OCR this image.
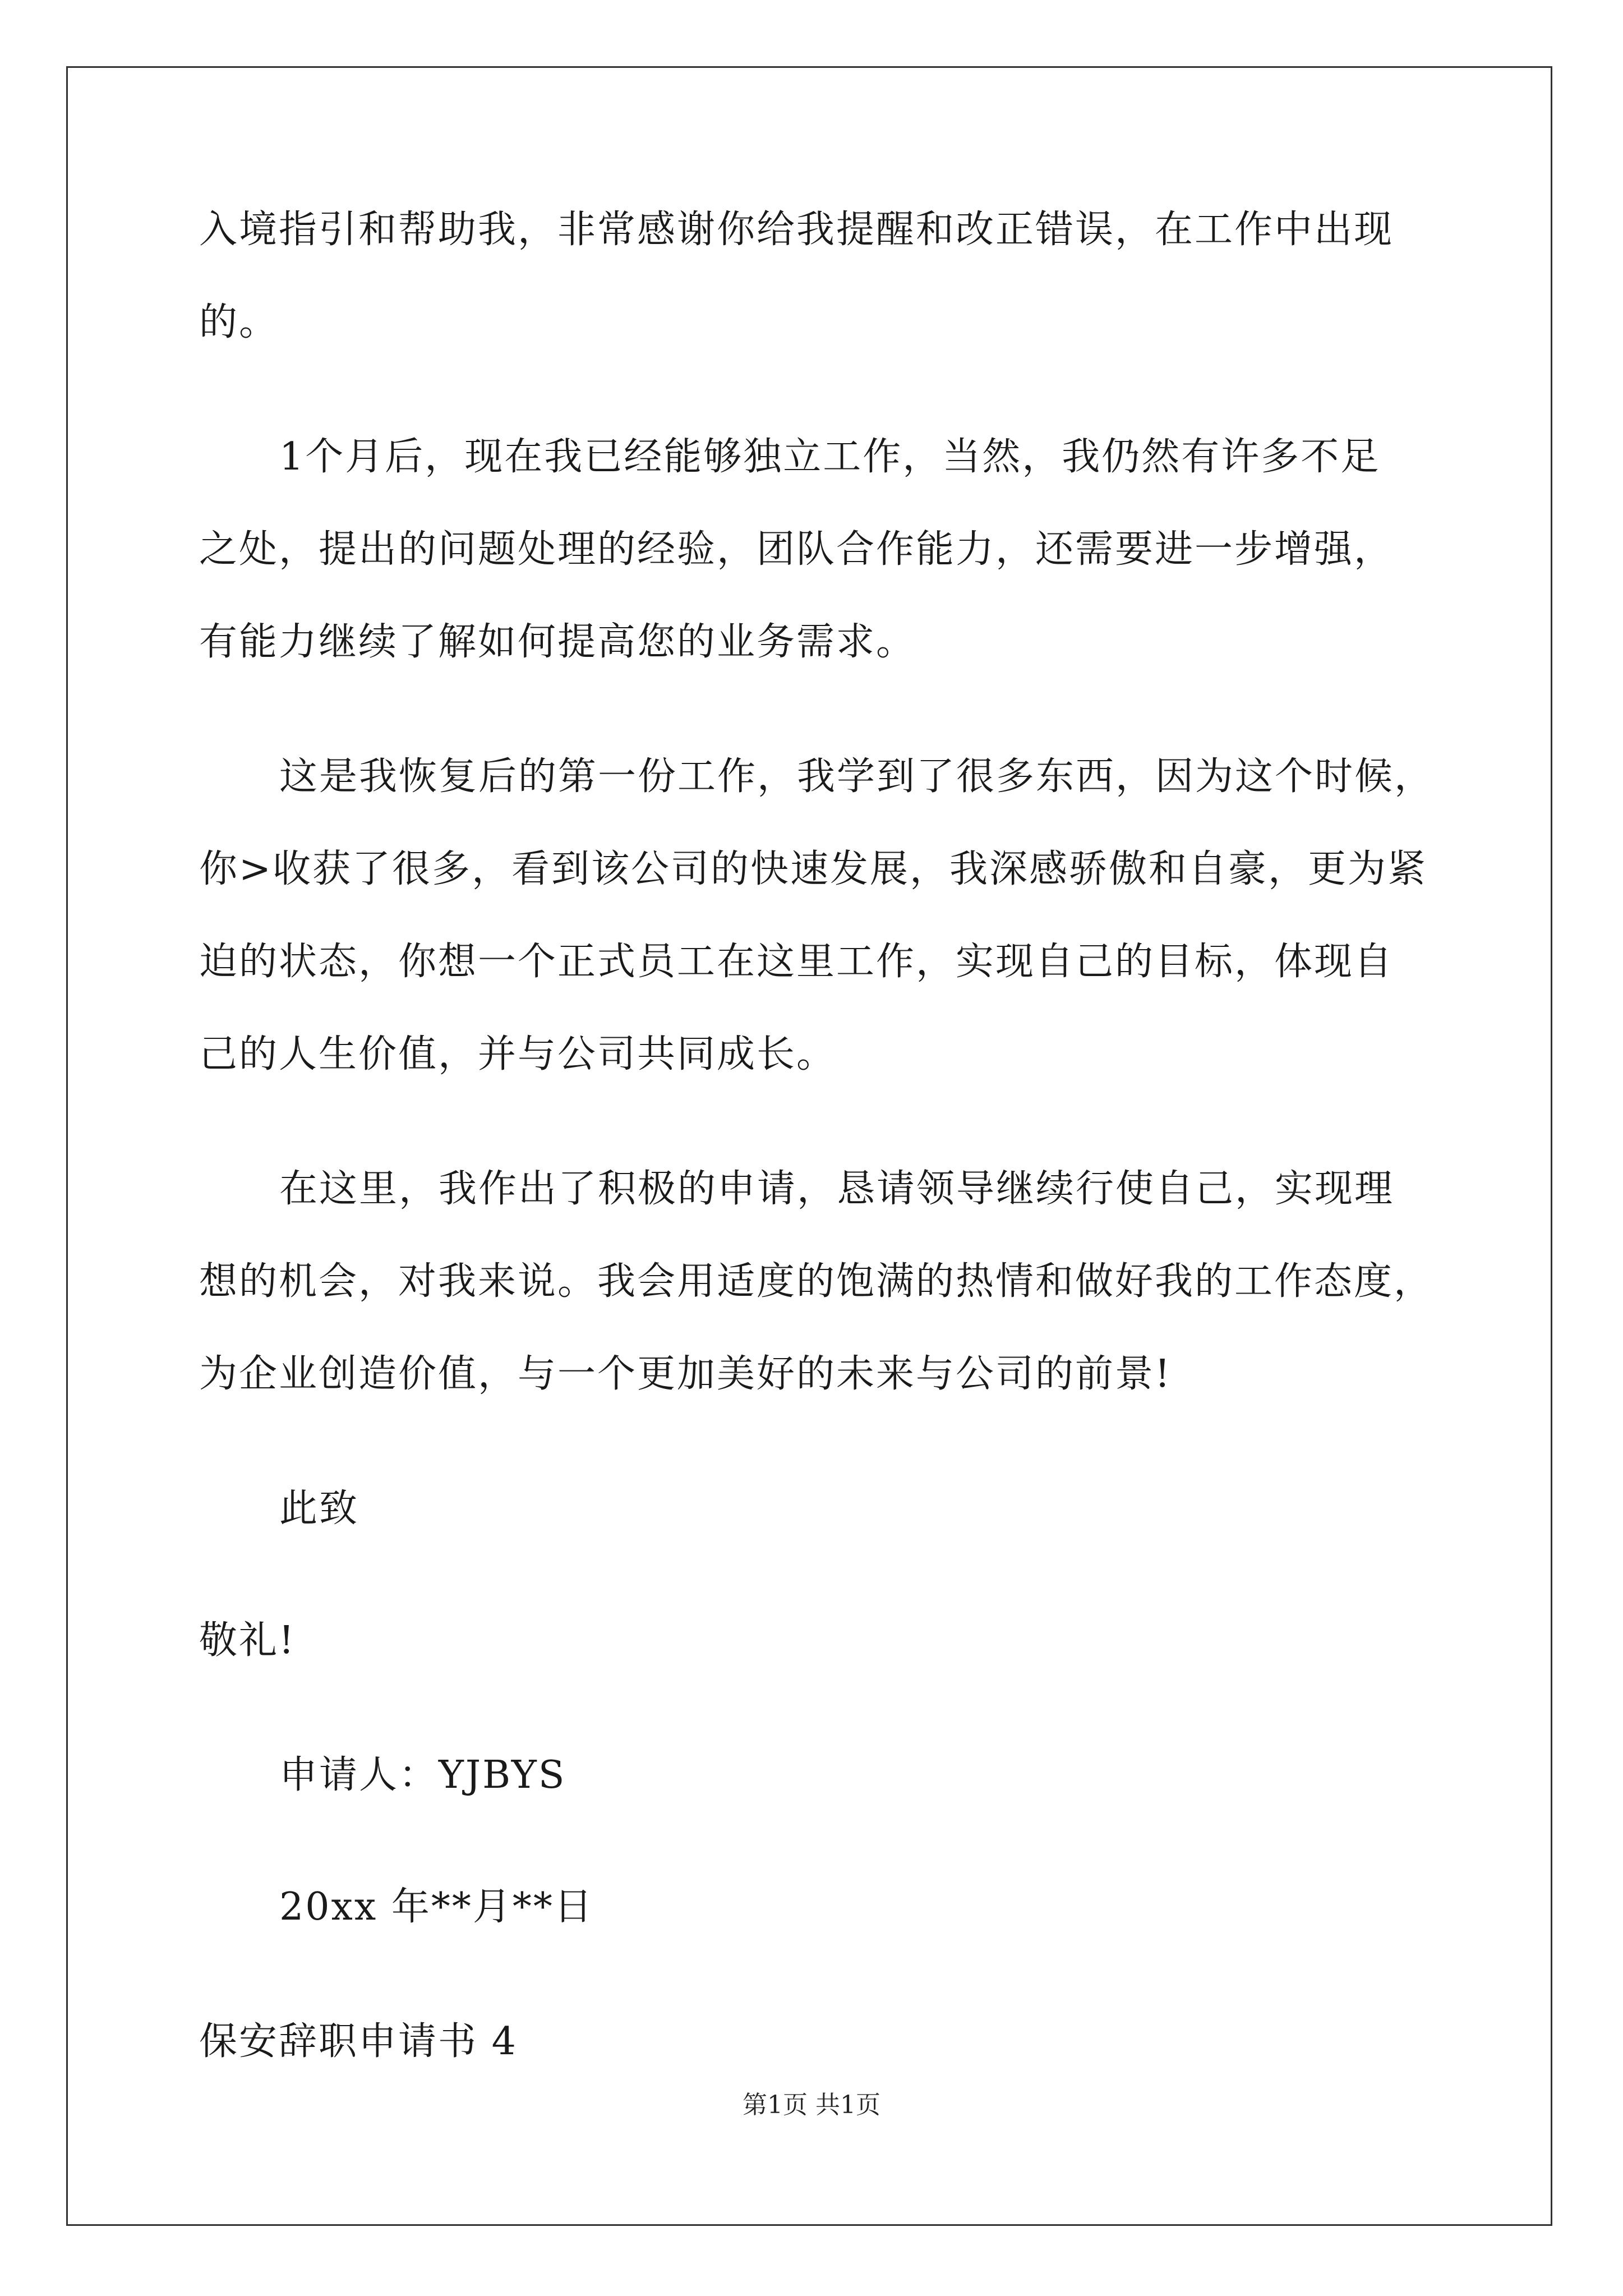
入境指引和帮助我，非常感谢你给我提醒和改正错误，在工作中出现
的。
1个月后，现在我已经能够独立工作，当然，我仍然有许多不足
之处，提出的问题处理的经验，团队合作能力，还需要进一步增强，
有能力继续了解如何提高您的业务需求。
这是我恢复后的第一份工作，我学到了很多东西，因为这个时候，
你>收获了很多，看到该公司的快速发展，我深感骄傲和自豪，更为紧
迫的状态，你想一个正式员工在这里工作，实现自己的目标，体现自
己的人生价值，并与公司共同成长。
在这里，我作出了积极的申请，恳请领导继续行使自己，实现理
想的机会，对我来说。我会用适度的饱满的热情和做好我的工作态度，
为企业创造价值，与一个更加美好的未来与公司的前景!
此致
敬礼!
申请人：YJBYS
20xx 年**月**日
保安辞职申请书 4
第1页 共1页
